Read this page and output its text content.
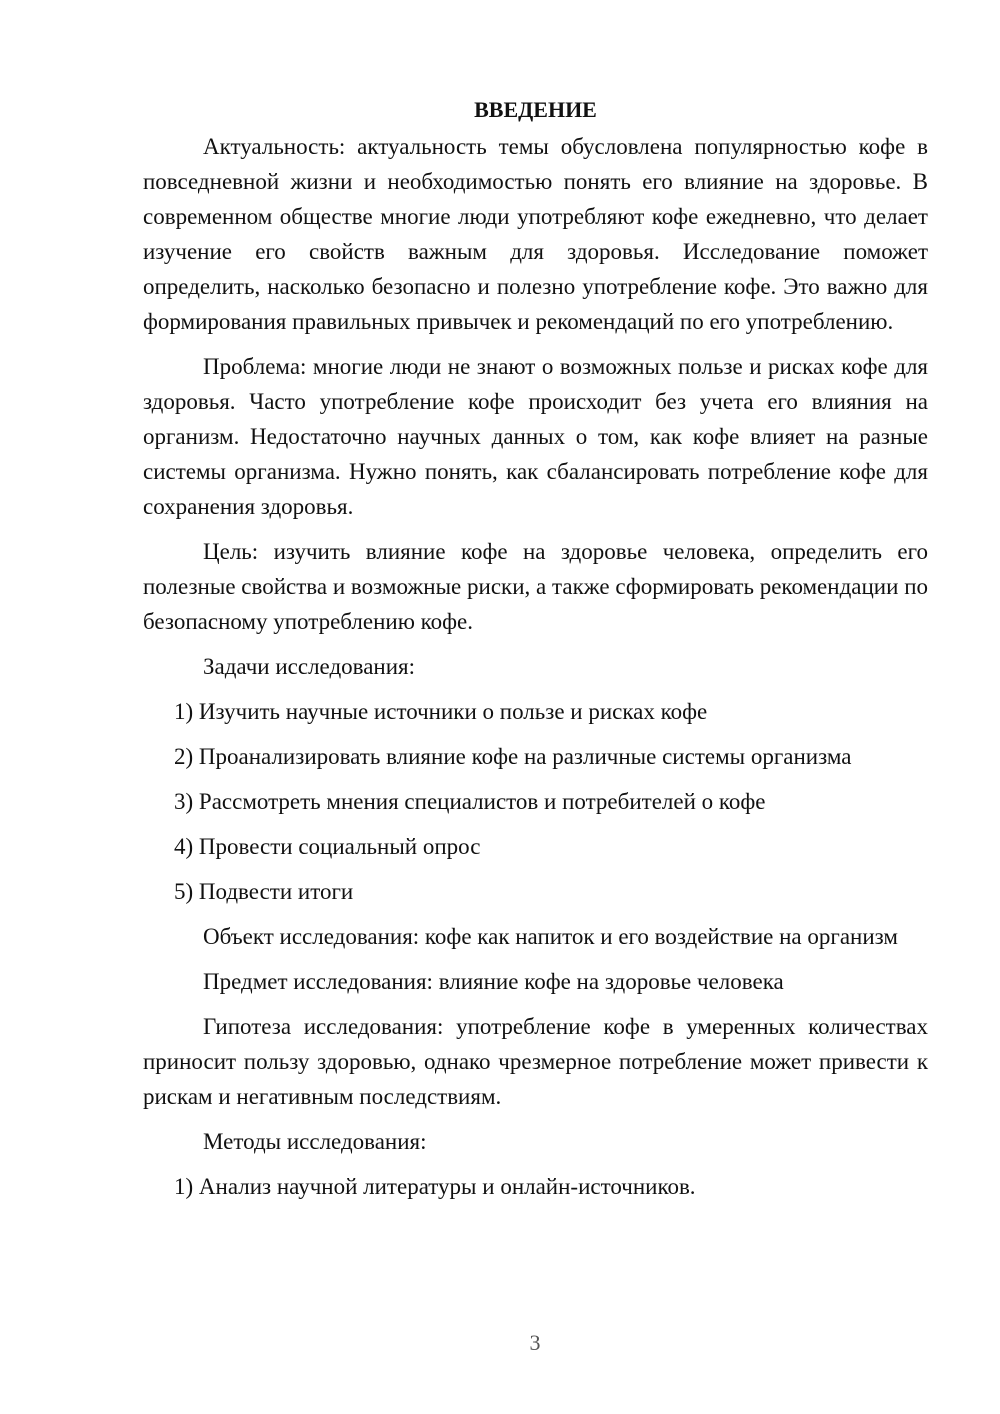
ВВЕДЕНИЕ

Актуальность: актуальность темы обусловлена популярностью кофе в повседневной жизни и необходимостью понять его влияние на здоровье. В современном обществе многие люди употребляют кофе ежедневно, что делает изучение его свойств важным для здоровья. Исследование поможет определить, насколько безопасно и полезно употребление кофе. Это важно для формирования правильных привычек и рекомендаций по его употреблению.

Проблема: многие люди не знают о возможных пользе и рисках кофе для здоровья. Часто употребление кофе происходит без учета его влияния на организм. Недостаточно научных данных о том, как кофе влияет на разные системы организма. Нужно понять, как сбалансировать потребление кофе для сохранения здоровья.

Цель: изучить влияние кофе на здоровье человека, определить его полезные свойства и возможные риски, а также сформировать рекомендации по безопасному употреблению кофе.

Задачи исследования:

1) Изучить научные источники о пользе и рисках кофе

2) Проанализировать влияние кофе на различные системы организма

3) Рассмотреть мнения специалистов и потребителей о кофе

4) Провести социальный опрос

5) Подвести итоги

Объект исследования: кофе как напиток и его воздействие на организм

Предмет исследования: влияние кофе на здоровье человека

Гипотеза исследования: употребление кофе в умеренных количествах приносит пользу здоровью, однако чрезмерное потребление может привести к рискам и негативным последствиям.

Методы исследования:

1) Анализ научной литературы и онлайн-источников.

3
